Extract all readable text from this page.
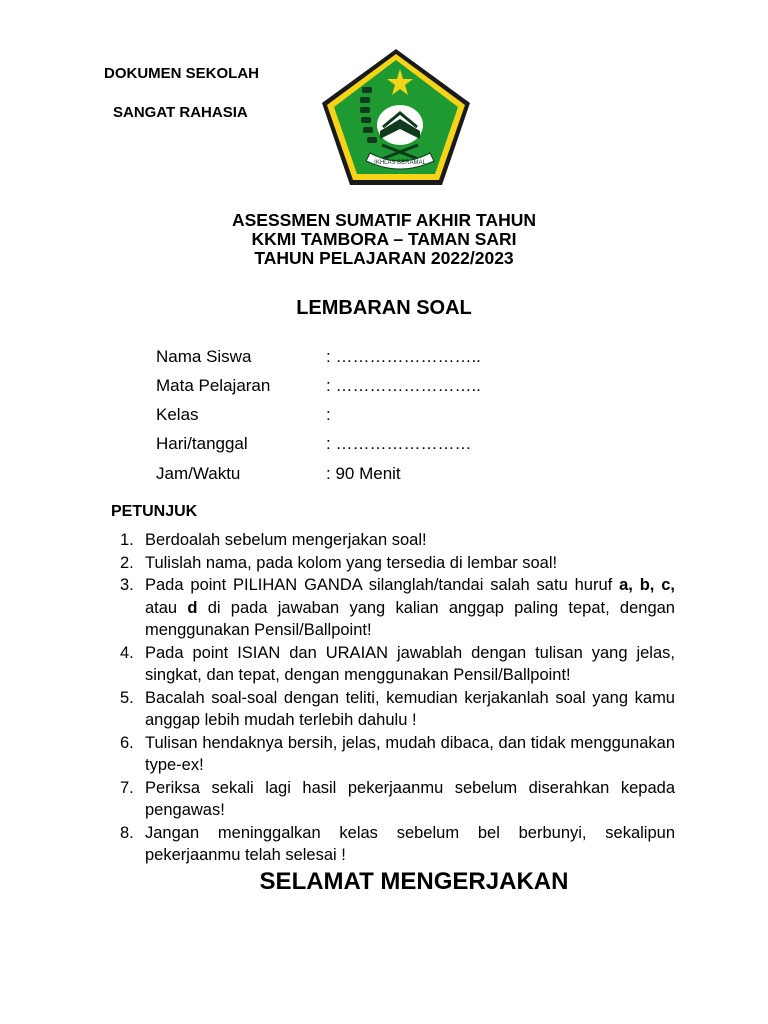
DOKUMEN SEKOLAH
SANGAT RAHASIA
IKHLAS BERAMAL
ASESSMEN SUMATIF AKHIR TAHUN
KKMI TAMBORA – TAMAN SARI
TAHUN PELAJARAN 2022/2023
LEMBARAN SOAL
Nama Siswa	: ……………………..
Mata Pelajaran	: ……………………..
Kelas	:
Hari/tanggal	: ……………………
Jam/Waktu	: 90 Menit
PETUNJUK
1. Berdoalah sebelum mengerjakan soal!
2. Tulislah nama, pada kolom yang tersedia di lembar soal!
3. Pada point PILIHAN GANDA silanglah/tandai salah satu huruf a, b, c, atau d di pada jawaban yang kalian anggap paling tepat, dengan menggunakan Pensil/Ballpoint!
4. Pada point ISIAN dan URAIAN jawablah dengan tulisan yang jelas, singkat, dan tepat, dengan menggunakan Pensil/Ballpoint!
5. Bacalah soal-soal dengan teliti, kemudian kerjakanlah soal yang kamu anggap lebih mudah terlebih dahulu !
6. Tulisan hendaknya bersih, jelas, mudah dibaca, dan tidak menggunakan type-ex!
7. Periksa sekali lagi hasil pekerjaanmu sebelum diserahkan kepada pengawas!
8. Jangan meninggalkan kelas sebelum bel berbunyi, sekalipun pekerjaanmu telah selesai !
SELAMAT MENGERJAKAN
